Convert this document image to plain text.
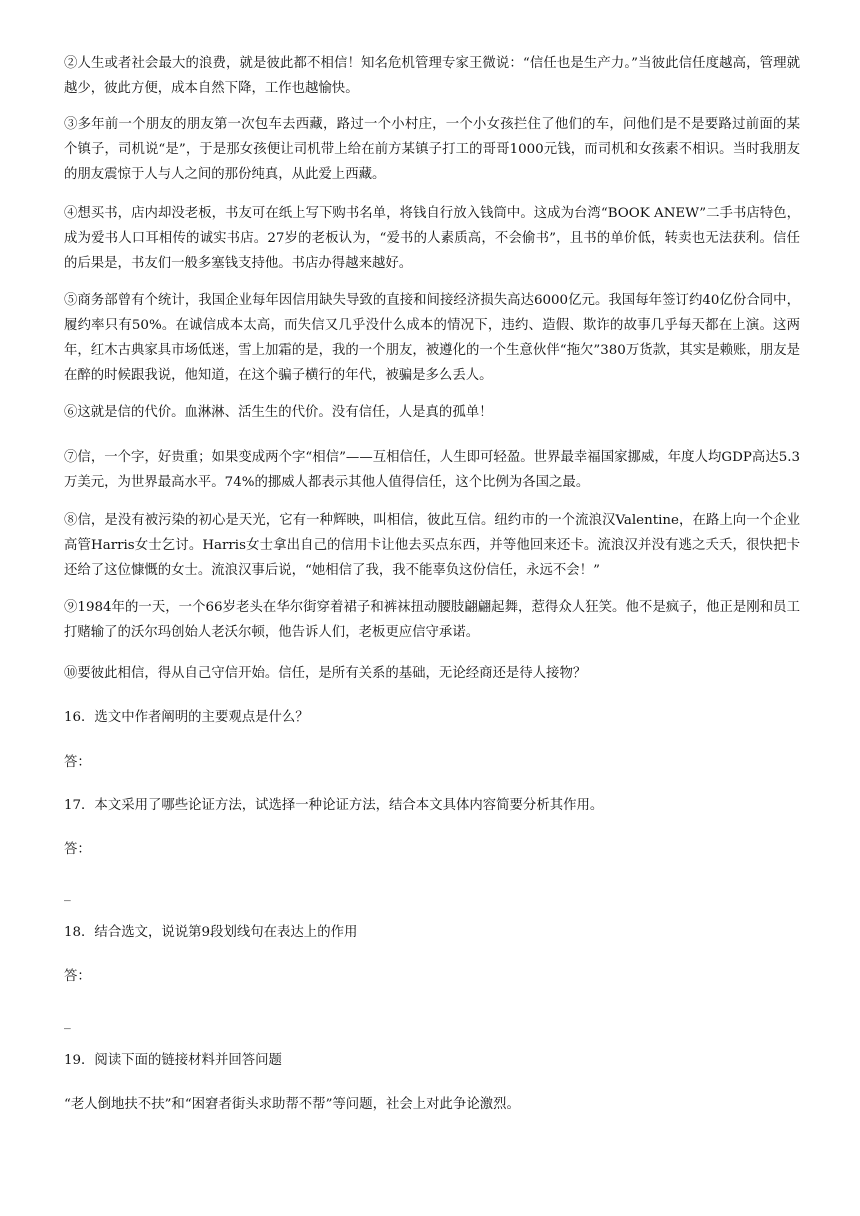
②人生或者社会最大的浪费，就是彼此都不相信！知名危机管理专家王微说：“信任也是生产力。”当彼此信任度越高，管理就越少，彼此方便，成本自然下降，工作也越愉快。

③多年前一个朋友的朋友第一次包车去西藏，路过一个小村庄，一个小女孩拦住了他们的车，问他们是不是要路过前面的某个镇子，司机说“是”，于是那女孩便让司机带上给在前方某镇子打工的哥哥1000元钱，而司机和女孩素不相识。当时我朋友的朋友震惊于人与人之间的那份纯真，从此爱上西藏。

④想买书，店内却没老板，书友可在纸上写下购书名单，将钱自行放入钱筒中。这成为台湾“BOOK ANEW”二手书店特色，成为爱书人口耳相传的诚实书店。27岁的老板认为，“爱书的人素质高，不会偷书”，且书的单价低，转卖也无法获利。信任的后果是，书友们一般多塞钱支持他。书店办得越来越好。

⑤商务部曾有个统计，我国企业每年因信用缺失导致的直接和间接经济损失高达6000亿元。我国每年签订约40亿份合同中，履约率只有50%。在诚信成本太高，而失信又几乎没什么成本的情况下，违约、造假、欺诈的故事几乎每天都在上演。这两年，红木古典家具市场低迷，雪上加霜的是，我的一个朋友，被遵化的一个生意伙伴“拖欠”380万货款，其实是赖账，朋友是在醉的时候跟我说，他知道，在这个骗子横行的年代，被骗是多么丢人。

⑥这就是信的代价。血淋淋、活生生的代价。没有信任，人是真的孤单！

⑦信，一个字，好贵重；如果变成两个字“相信”——互相信任，人生即可轻盈。世界最幸福国家挪威，年度人均GDP高达5.3万美元，为世界最高水平。74%的挪威人都表示其他人值得信任，这个比例为各国之最。

⑧信，是没有被污染的初心是天光，它有一种辉映，叫相信，彼此互信。纽约市的一个流浪汉Valentine，在路上向一个企业高管Harris女士乞讨。Harris女士拿出自己的信用卡让他去买点东西，并等他回来还卡。流浪汉并没有逃之夭夭，很快把卡还给了这位慷慨的女士。流浪汉事后说，“她相信了我，我不能辜负这份信任，永远不会！”

⑨1984年的一天，一个66岁老头在华尔街穿着裙子和裤袜扭动腰肢翩翩起舞，惹得众人狂笑。他不是疯子，他正是刚和员工打赌输了的沃尔玛创始人老沃尔顿，他告诉人们，老板更应信守承诺。

⑩要彼此相信，得从自己守信开始。信任，是所有关系的基础，无论经商还是待人接物？

16．选文中作者阐明的主要观点是什么？

答：

17．本文采用了哪些论证方法，试选择一种论证方法，结合本文具体内容简要分析其作用。

答：

_

18．结合选文，说说第9段划线句在表达上的作用

答：

_

19．阅读下面的链接材料并回答问题

“老人倒地扶不扶”和“困窘者街头求助帮不帮”等问题，社会上对此争论激烈。
